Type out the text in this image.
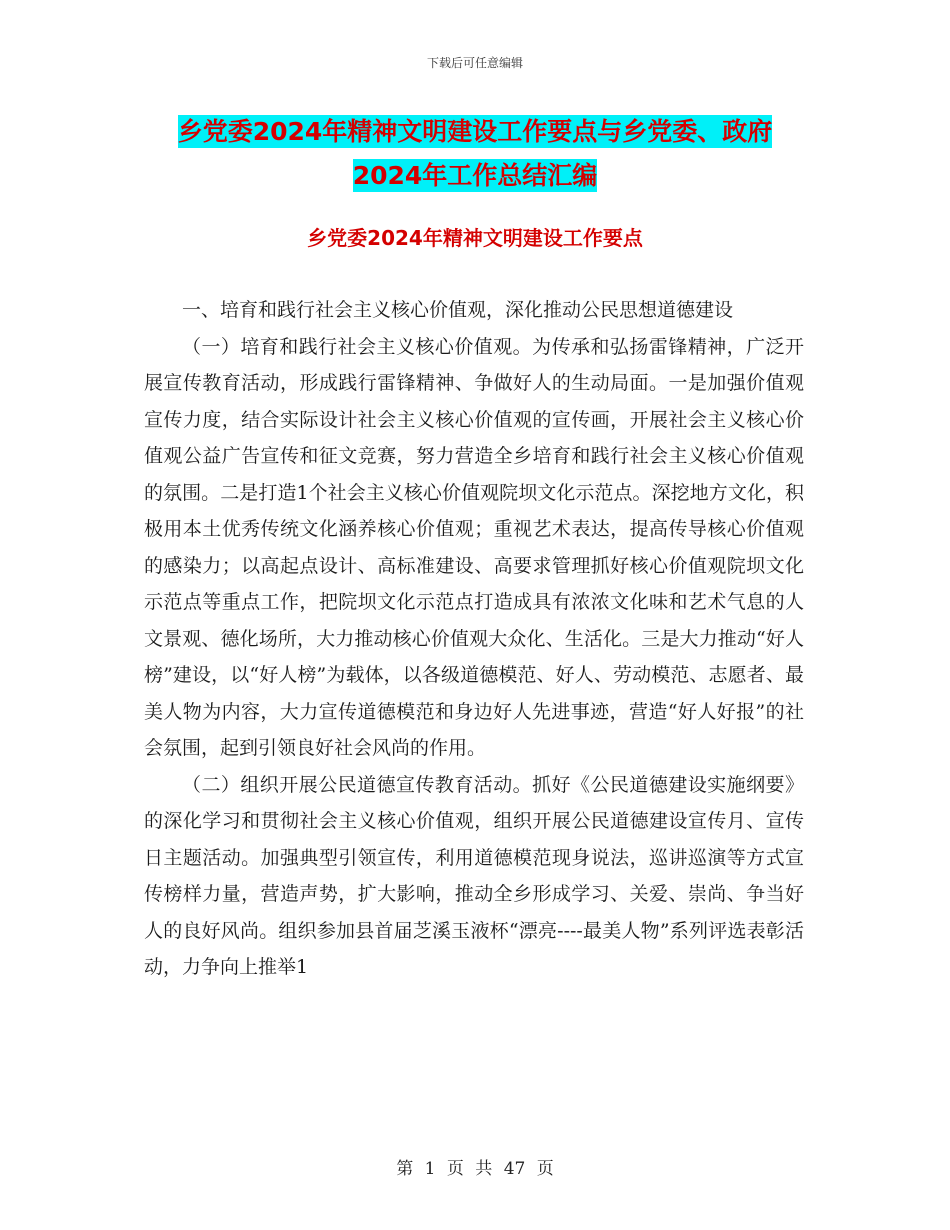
下载后可任意编辑
乡党委2024年精神文明建设工作要点与乡党委、政府
2024年工作总结汇编
乡党委2024年精神文明建设工作要点

一、培育和践行社会主义核心价值观，深化推动公民思想道德建设

（一）培育和践行社会主义核心价值观。为传承和弘扬雷锋精神，广泛开展宣传教育活动，形成践行雷锋精神、争做好人的生动局面。一是加强价值观宣传力度，结合实际设计社会主义核心价值观的宣传画，开展社会主义核心价值观公益广告宣传和征文竞赛，努力营造全乡培育和践行社会主义核心价值观的氛围。二是打造1个社会主义核心价值观院坝文化示范点。深挖地方文化，积极用本土优秀传统文化涵养核心价值观；重视艺术表达，提高传导核心价值观的感染力；以高起点设计、高标准建设、高要求管理抓好核心价值观院坝文化示范点等重点工作，把院坝文化示范点打造成具有浓浓文化味和艺术气息的人文景观、德化场所，大力推动核心价值观大众化、生活化。三是大力推动“好人榜”建设，以“好人榜”为载体，以各级道德模范、好人、劳动模范、志愿者、最美人物为内容，大力宣传道德模范和身边好人先进事迹，营造“好人好报”的社会氛围，起到引领良好社会风尚的作用。

（二）组织开展公民道德宣传教育活动。抓好《公民道德建设实施纲要》的深化学习和贯彻社会主义核心价值观，组织开展公民道德建设宣传月、宣传日主题活动。加强典型引领宣传，利用道德模范现身说法，巡讲巡演等方式宣传榜样力量，营造声势，扩大影响，推动全乡形成学习、关爱、崇尚、争当好人的良好风尚。组织参加县首届芝溪玉液杯“漂亮----最美人物”系列评选表彰活动，力争向上推举1

第 1 页 共 47 页
